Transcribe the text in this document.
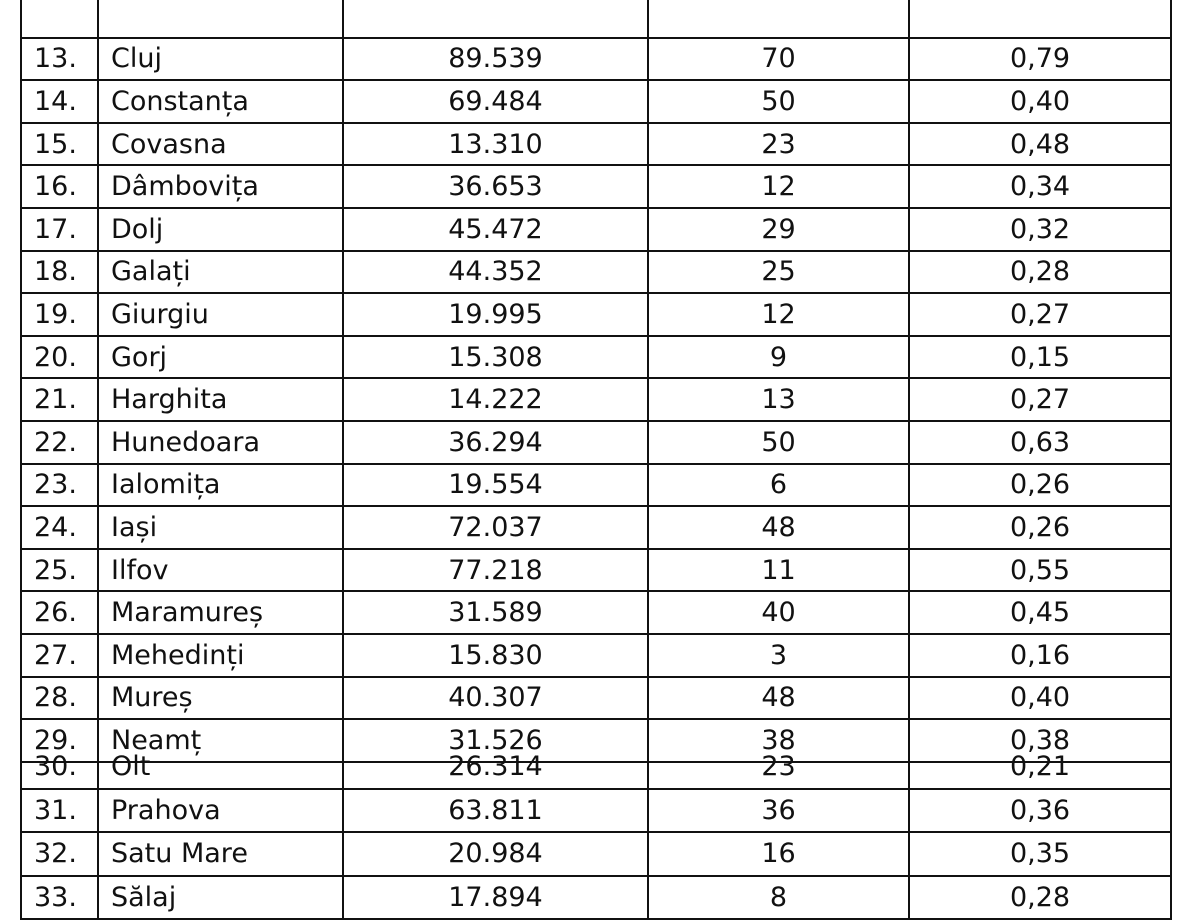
13.	Cluj	89.539	70	0,79
14.	Constanța	69.484	50	0,40
15.	Covasna	13.310	23	0,48
16.	Dâmbovița	36.653	12	0,34
17.	Dolj	45.472	29	0,32
18.	Galați	44.352	25	0,28
19.	Giurgiu	19.995	12	0,27
20.	Gorj	15.308	9	0,15
21.	Harghita	14.222	13	0,27
22.	Hunedoara	36.294	50	0,63
23.	Ialomița	19.554	6	0,26
24.	Iași	72.037	48	0,26
25.	Ilfov	77.218	11	0,55
26.	Maramureș	31.589	40	0,45
27.	Mehedinți	15.830	3	0,16
28.	Mureș	40.307	48	0,40
29.	Neamț	31.526	38	0,38
30.	Olt	26.314	23	0,21
31.	Prahova	63.811	36	0,36
32.	Satu Mare	20.984	16	0,35
33.	Sălaj	17.894	8	0,28
